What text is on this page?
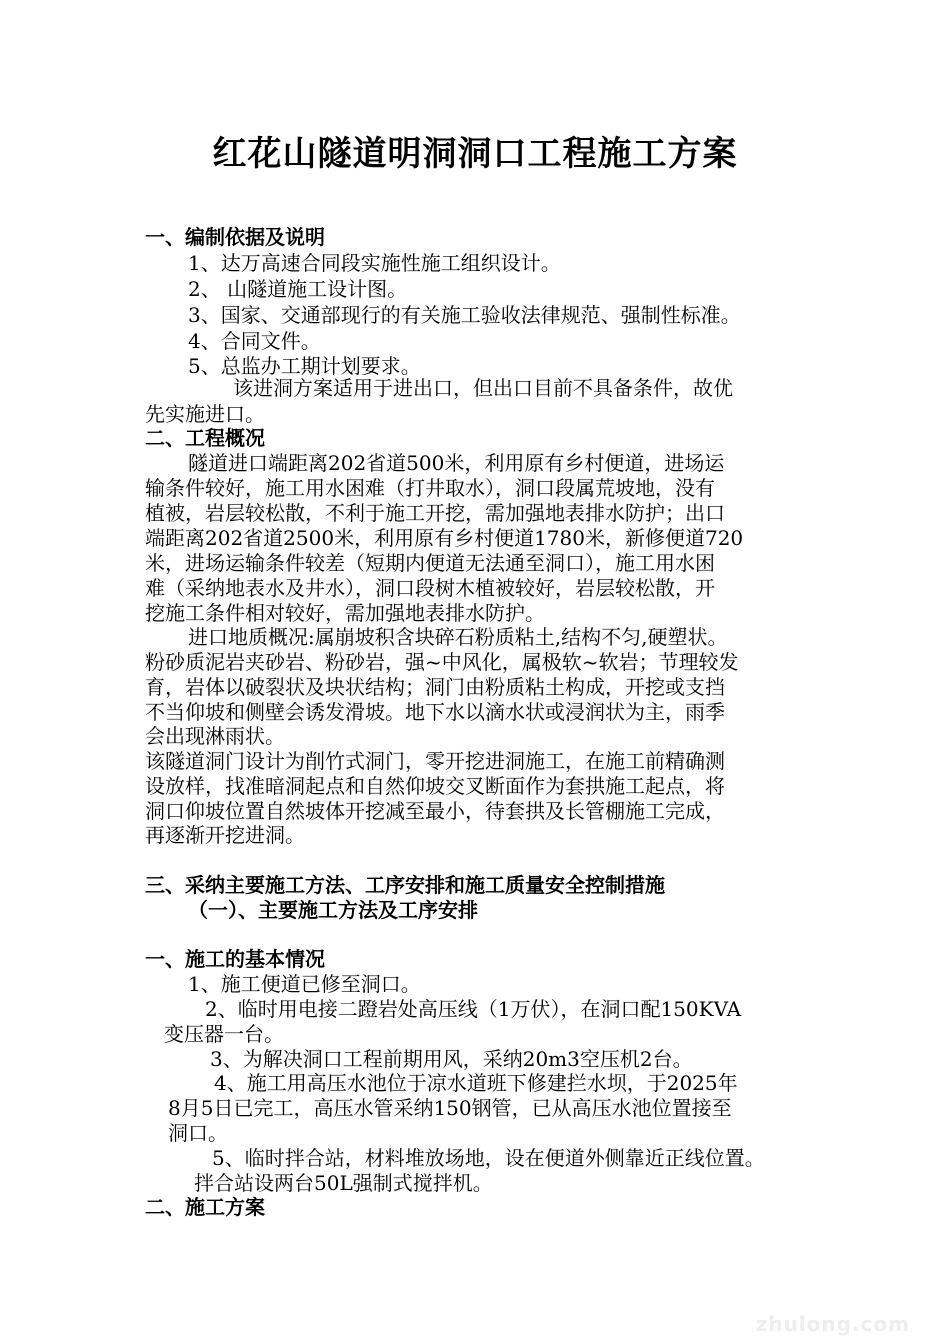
红花山隧道明洞洞口工程施工方案
一、编制依据及说明
1、达万高速合同段实施性施工组织设计。
2、 山隧道施工设计图。
3、国家、交通部现行的有关施工验收法律规范、强制性标准。
4、合同文件。
5、总监办工期计划要求。
该进洞方案适用于进出口，但出口目前不具备条件，故优
先实施进口。
二、工程概况
隧道进口端距离202省道500米，利用原有乡村便道，进场运
输条件较好，施工用水困难（打井取水），洞口段属荒坡地，没有
植被，岩层较松散，不利于施工开挖，需加强地表排水防护；出口
端距离202省道2500米，利用原有乡村便道1780米，新修便道720
米，进场运输条件较差（短期内便道无法通至洞口），施工用水困
难（采纳地表水及井水），洞口段树木植被较好，岩层较松散，开
挖施工条件相对较好，需加强地表排水防护。
进口地质概况:属崩坡积含块碎石粉质粘土,结构不匀,硬塑状。
粉砂质泥岩夹砂岩、粉砂岩，强~中风化，属极软~软岩；节理较发
育，岩体以破裂状及块状结构；洞门由粉质粘土构成，开挖或支挡
不当仰坡和侧壁会诱发滑坡。地下水以滴水状或浸润状为主，雨季
会出现淋雨状。
该隧道洞门设计为削竹式洞门，零开挖进洞施工，在施工前精确测
设放样，找准暗洞起点和自然仰坡交叉断面作为套拱施工起点，将
洞口仰坡位置自然坡体开挖减至最小，待套拱及长管棚施工完成，
再逐渐开挖进洞。
三、采纳主要施工方法、工序安排和施工质量安全控制措施
（一）、主要施工方法及工序安排
一、施工的基本情况
1、施工便道已修至洞口。
2、临时用电接二蹬岩处高压线（1万伏），在洞口配150KVA
变压器一台。
3、为解决洞口工程前期用风，采纳20m3空压机2台。
4、施工用高压水池位于凉水道班下修建拦水坝，于2025年
8月5日已完工，高压水管采纳150钢管，已从高压水池位置接至
洞口。
5、临时拌合站，材料堆放场地，设在便道外侧靠近正线位置。
拌合站设两台50L强制式搅拌机。
二、施工方案
zhulong.com
